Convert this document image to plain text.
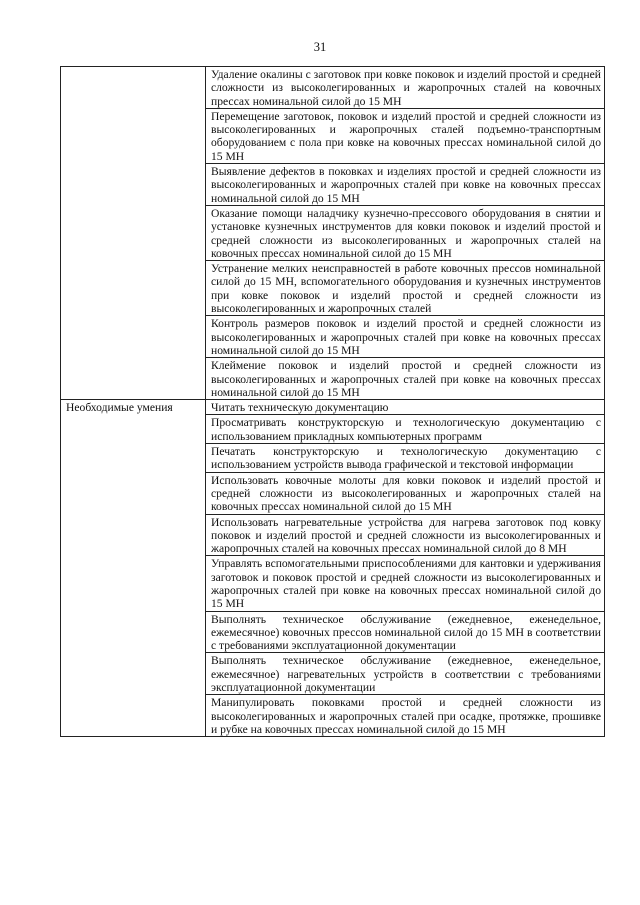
31
	Удаление окалины с заготовок при ковке поковок и изделий простой и средней сложности из высоколегированных и жаропрочных сталей на ковочных прессах номинальной силой до 15 МН
	Перемещение заготовок, поковок и изделий простой и средней сложности из высоколегированных и жаропрочных сталей подъемно-транспортным оборудованием с пола при ковке на ковочных прессах номинальной силой до 15 МН
	Выявление дефектов в поковках и изделиях простой и средней сложности из высоколегированных и жаропрочных сталей при ковке на ковочных прессах номинальной силой до 15 МН
	Оказание помощи наладчику кузнечно-прессового оборудования в снятии и установке кузнечных инструментов для ковки поковок и изделий простой и средней сложности из высоколегированных и жаропрочных сталей на ковочных прессах номинальной силой до 15 МН
	Устранение мелких неисправностей в работе ковочных прессов номинальной силой до 15 МН, вспомогательного оборудования и кузнечных инструментов при ковке поковок и изделий простой и средней сложности из высоколегированных и жаропрочных сталей
	Контроль размеров поковок и изделий простой и средней сложности из высоколегированных и жаропрочных сталей при ковке на ковочных прессах номинальной силой до 15 МН
	Клеймение поковок и изделий простой и средней сложности из высоколегированных и жаропрочных сталей при ковке на ковочных прессах номинальной силой до 15 МН
Необходимые умения	Читать техническую документацию
	Просматривать конструкторскую и технологическую документацию с использованием прикладных компьютерных программ
	Печатать конструкторскую и технологическую документацию с использованием устройств вывода графической и текстовой информации
	Использовать ковочные молоты для ковки поковок и изделий простой и средней сложности из высоколегированных и жаропрочных сталей на ковочных прессах номинальной силой до 15 МН
	Использовать нагревательные устройства для нагрева заготовок под ковку поковок и изделий простой и средней сложности из высоколегированных и жаропрочных сталей на ковочных прессах номинальной силой до 8 МН
	Управлять вспомогательными приспособлениями для кантовки и удерживания заготовок и поковок простой и средней сложности из высоколегированных и жаропрочных сталей при ковке на ковочных прессах номинальной силой до 15 МН
	Выполнять техническое обслуживание (ежедневное, еженедельное, ежемесячное) ковочных прессов номинальной силой до 15 МН в соответствии с требованиями эксплуатационной документации
	Выполнять техническое обслуживание (ежедневное, еженедельное, ежемесячное) нагревательных устройств в соответствии с требованиями эксплуатационной документации
	Манипулировать поковками простой и средней сложности из высоколегированных и жаропрочных сталей при осадке, протяжке, прошивке и рубке на ковочных прессах номинальной силой до 15 МН
